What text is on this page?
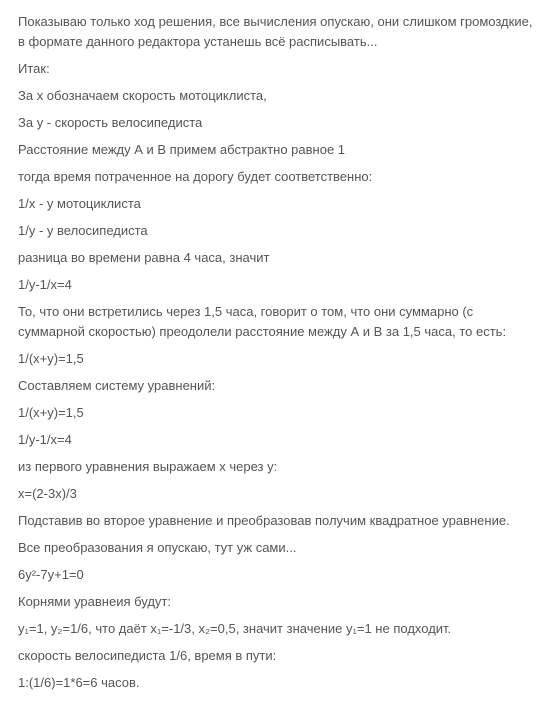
Показываю только ход решения, все вычисления опускаю, они слишком громоздкие, в формате данного редактора устанешь всё расписывать...

Итак:

За x обозначаем скорость мотоциклиста,

За y - скорость велосипедиста

Расстояние между А и В примем абстрактно равное 1

тогда время потраченное на дорогу будет соответственно:

1/x - у мотоциклиста

1/y - у велосипедиста

разница во времени равна 4 часа, значит

1/y-1/x=4

То, что они встретились через 1,5 часа, говорит о том, что они суммарно (с суммарной скоростью) преодолели расстояние между А и В за 1,5 часа, то есть:

1/(x+y)=1,5

Составляем систему уравнений:

1/(x+y)=1,5

1/y-1/x=4

из первого уравнения выражаем x через y:

x=(2-3x)/3

Подставив во второе уравнение и преобразовав получим квадратное уравнение.

Все преобразования я опускаю, тут уж сами...

6y²-7y+1=0

Корнями уравнеия будут:

y₁=1, y₂=1/6, что даёт x₁=-1/3, x₂=0,5, значит значение y₁=1 не подходит.

скорость велосипедиста 1/6, время в пути:

1:(1/6)=1*6=6 часов.
